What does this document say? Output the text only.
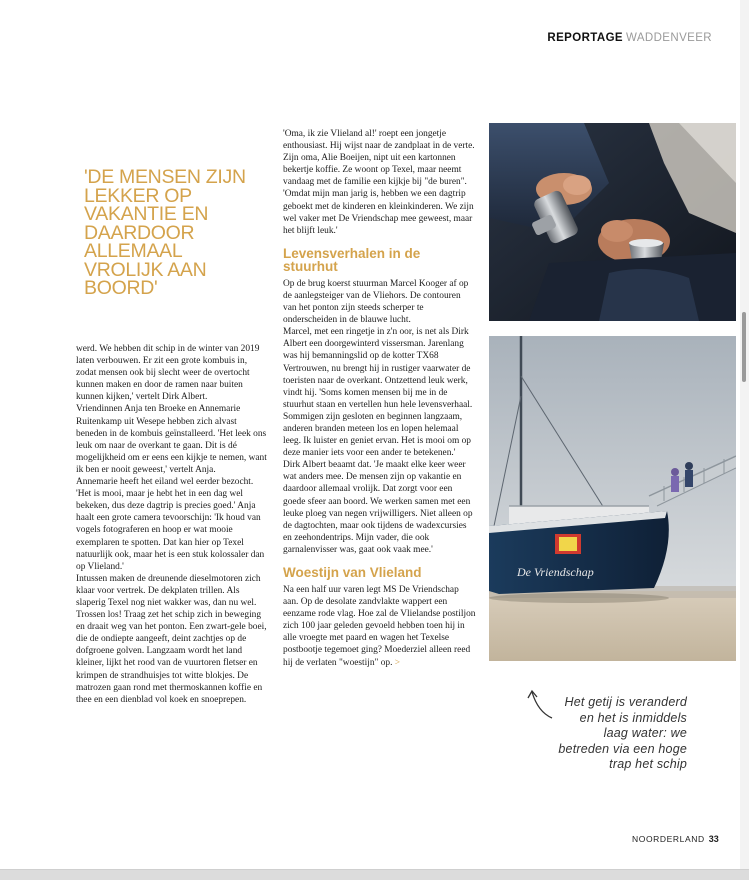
REPORTAGE WADDENVEER
'DE MENSEN ZIJN LEKKER OP VAKANTIE EN DAARDOOR ALLEMAAL VROLIJK AAN BOORD'

werd. We hebben dit schip in de winter van 2019 laten verbouwen. Er zit een grote kombuis in, zodat mensen ook bij slecht weer de overtocht kunnen maken en door de ramen naar buiten kunnen kijken,' vertelt Dirk Albert.

Vriendinnen Anja ten Broeke en Annemarie Ruitenkamp uit Wesepe hebben zich alvast beneden in de kombuis geïnstalleerd. 'Het leek ons leuk om naar de overkant te gaan. Dit is dé mogelijkheid om er eens een kijkje te nemen, want ik ben er nooit geweest,' vertelt Anja.

Annemarie heeft het eiland wel eerder bezocht. 'Het is mooi, maar je hebt het in een dag wel bekeken, dus deze dagtrip is precies goed.' Anja haalt een grote camera tevoorschijn: 'Ik houd van vogels fotograferen en hoop er wat mooie exemplaren te spotten. Dat kan hier op Texel natuurlijk ook, maar het is een stuk kolossaler dan op Vlieland.'

Intussen maken de dreunende dieselmotoren zich klaar voor vertrek. De dekplaten trillen. Als slaperig Texel nog niet wakker was, dan nu wel. Trossen los! Traag zet het schip zich in beweging en draait weg van het ponton. Een zwart-gele boei, die de ondiepte aangeeft, deint zachtjes op de dofgroene golven. Langzaam wordt het land kleiner, lijkt het rood van de vuurtoren fletser en krimpen de strandhuisjes tot witte blokjes. De matrozen gaan rond met thermoskannen koffie en thee en een dienblad vol koek en snoeprepen.

'Oma, ik zie Vlieland al!' roept een jongetje enthousiast. Hij wijst naar de zandplaat in de verte. Zijn oma, Alie Boeijen, nipt uit een kartonnen bekertje koffie. Ze woont op Texel, maar neemt vandaag met de familie een kijkje bij "de buren". 'Omdat mijn man jarig is, hebben we een dagtrip geboekt met de kinderen en kleinkinderen. We zijn wel vaker met De Vriendschap mee geweest, maar het blijft leuk.'

Levensverhalen in de stuurhut

Op de brug koerst stuurman Marcel Kooger af op de aanlegsteiger van de Vliehors. De contouren van het ponton zijn steeds scherper te onderscheiden in de blauwe lucht.

Marcel, met een ringetje in z'n oor, is net als Dirk Albert een doorgewinterd vissersman. Jarenlang was hij bemanningslid op de kotter TX68 Vertrouwen, nu brengt hij in rustiger vaarwater de toeristen naar de overkant. Ontzettend leuk werk, vindt hij. 'Soms komen mensen bij me in de stuurhut staan en vertellen hun hele levensverhaal. Sommigen zijn gesloten en beginnen langzaam, anderen branden meteen los en lopen helemaal leeg. Ik luister en geniet ervan. Het is mooi om op deze manier iets voor een ander te betekenen.'

Dirk Albert beaamt dat. 'Je maakt elke keer weer wat anders mee. De mensen zijn op vakantie en daardoor allemaal vrolijk. Dat zorgt voor een goede sfeer aan boord. We werken samen met een leuke ploeg van negen vrijwilligers. Niet alleen op de dagtochten, maar ook tijdens de wadexcursies en zeehondentrips. Mijn vader, die ook garnalenvisser was, gaat ook vaak mee.'

Woestijn van Vlieland

Na een half uur varen legt MS De Vriendschap aan. Op de desolate zandvlakte wappert een eenzame rode vlag. Hoe zal de Vlielandse postiljon zich 100 jaar geleden gevoeld hebben toen hij in alle vroegte met paard en wagen het Texelse postbootje tegemoet ging? Moederziel alleen reed hij de verlaten "woestijn" op. >

De Vriendschap
Het getij is veranderd en het is inmiddels laag water: we betreden via een hoge trap het schip
NOORDERLAND 33
